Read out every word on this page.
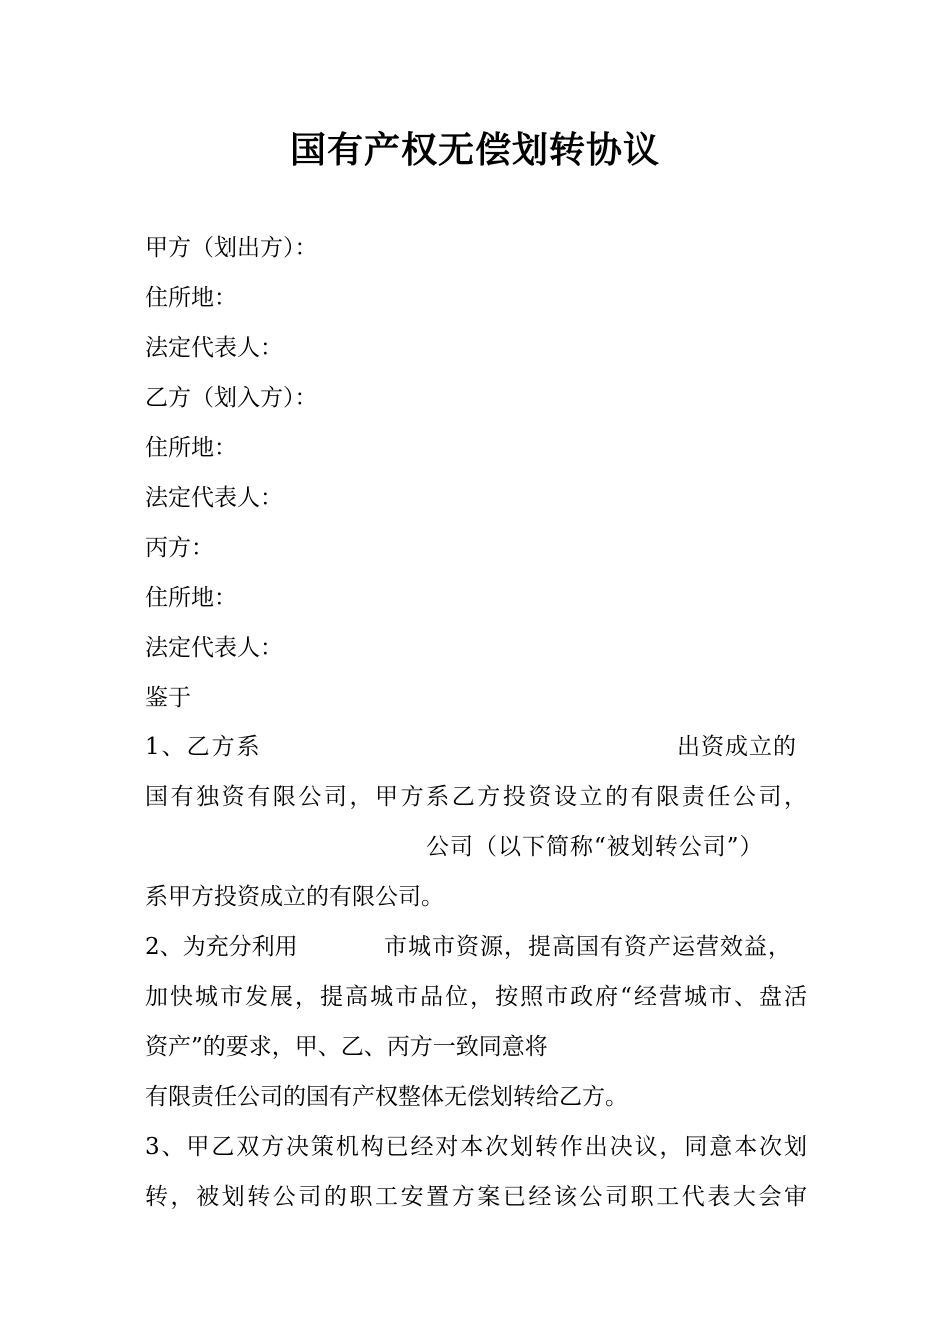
国有产权无偿划转协议
甲方（划出方）：
住所地：
法定代表人：
乙方（划入方）：
住所地：
法定代表人：
丙方：
住所地：
法定代表人：
鉴于
1、乙方系	出资成立的
国有独资有限公司，甲方系乙方投资设立的有限责任公司，
公司（以下简称“被划转公司”）
系甲方投资成立的有限公司。
2、为充分利用	市城市资源，提高国有资产运营效益，
加快城市发展，提高城市品位，按照市政府“经营城市、盘活
资产”的要求，甲、乙、丙方一致同意将
有限责任公司的国有产权整体无偿划转给乙方。
3、甲乙双方决策机构已经对本次划转作出决议，同意本次划
转，被划转公司的职工安置方案已经该公司职工代表大会审
